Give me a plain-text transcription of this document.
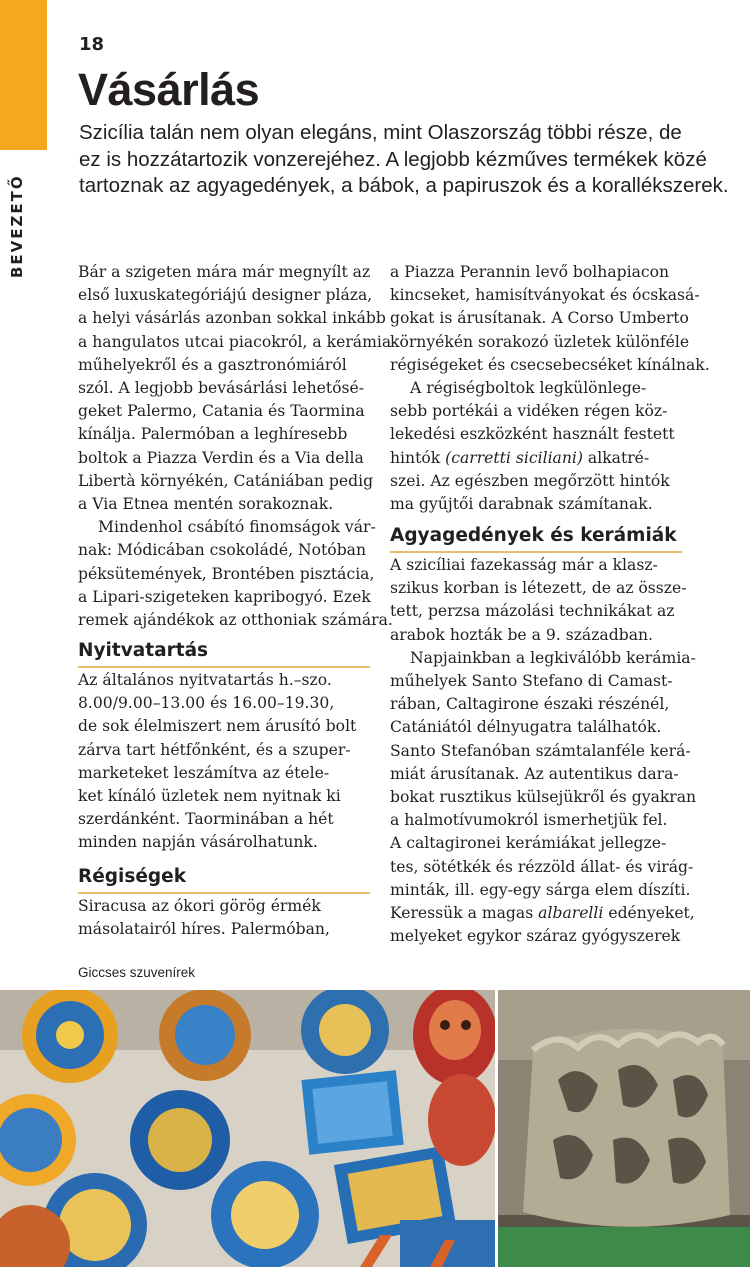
BEVEZETŐ
18
Vásárlás
Szicília talán nem olyan elegáns, mint Olaszország többi része, de
ez is hozzátartozik vonzerejéhez. A legjobb kézműves termékek közé
tartoznak az agyagedények, a bábok, a papiruszok és a korallékszerek.
Bár a szigeten mára már megnyílt az
első luxuskategóriájú designer pláza,
a helyi vásárlás azonban sokkal inkább
a hangulatos utcai piacokról, a kerámia-
műhelyekről és a gasztronómiáról
szól. A legjobb bevásárlási lehetősé-
geket Palermo, Catania és Taormina
kínálja. Palermóban a leghíresebb
boltok a Piazza Verdin és a Via della
Libertà környékén, Catániában pedig
a Via Etnea mentén sorakoznak.
Mindenhol csábító finomságok vár-
nak: Módicában csokoládé, Notóban
péksütemények, Brontében pisztácia,
a Lipari-szigeteken kapribogyó. Ezek
remek ajándékok az otthoniak számára.
Nyitvatartás
Az általános nyitvatartás h.–szo.
8.00/9.00–13.00 és 16.00–19.30,
de sok élelmiszert nem árusító bolt
zárva tart hétfőnként, és a szuper-
marketeket leszámítva az étele-
ket kínáló üzletek nem nyitnak ki
szerdánként. Taorminában a hét
minden napján vásárolhatunk.
Régiségek
Siracusa az ókori görög érmék
másolatairól híres. Palermóban,
a Piazza Perannin levő bolhapiacon
kincseket, hamisítványokat és ócskasá-
gokat is árusítanak. A Corso Umberto
környékén sorakozó üzletek különféle
régiségeket és csecsebecséket kínálnak.
A régiségboltok legkülönlege-
sebb portékái a vidéken régen köz-
lekedési eszközként használt festett
hintók (carretti siciliani) alkatré-
szei. Az egészben megőrzött hintók
ma gyűjtői darabnak számítanak.
Agyagedények és kerámiák
A szicíliai fazekasság már a klasz-
szikus korban is létezett, de az össze-
tett, perzsa mázolási technikákat az
arabok hozták be a 9. században.
Napjainkban a legkiválóbb kerámia-
műhelyek Santo Stefano di Camast-
rában, Caltagirone északi részénél,
Catániától délnyugatra találhatók.
Santo Stefanóban számtalanféle kerá-
miát árusítanak. Az autentikus dara-
bokat rusztikus külsejükről és gyakran
a halmotívumokról ismerhetjük fel.
A caltagironei kerámiákat jellegze-
tes, sötétkék és rézzöld állat- és virág-
minták, ill. egy-egy sárga elem díszíti.
Keressük a magas albarelli edényeket,
melyeket egykor száraz gyógyszerek
Giccses szuvenírek
